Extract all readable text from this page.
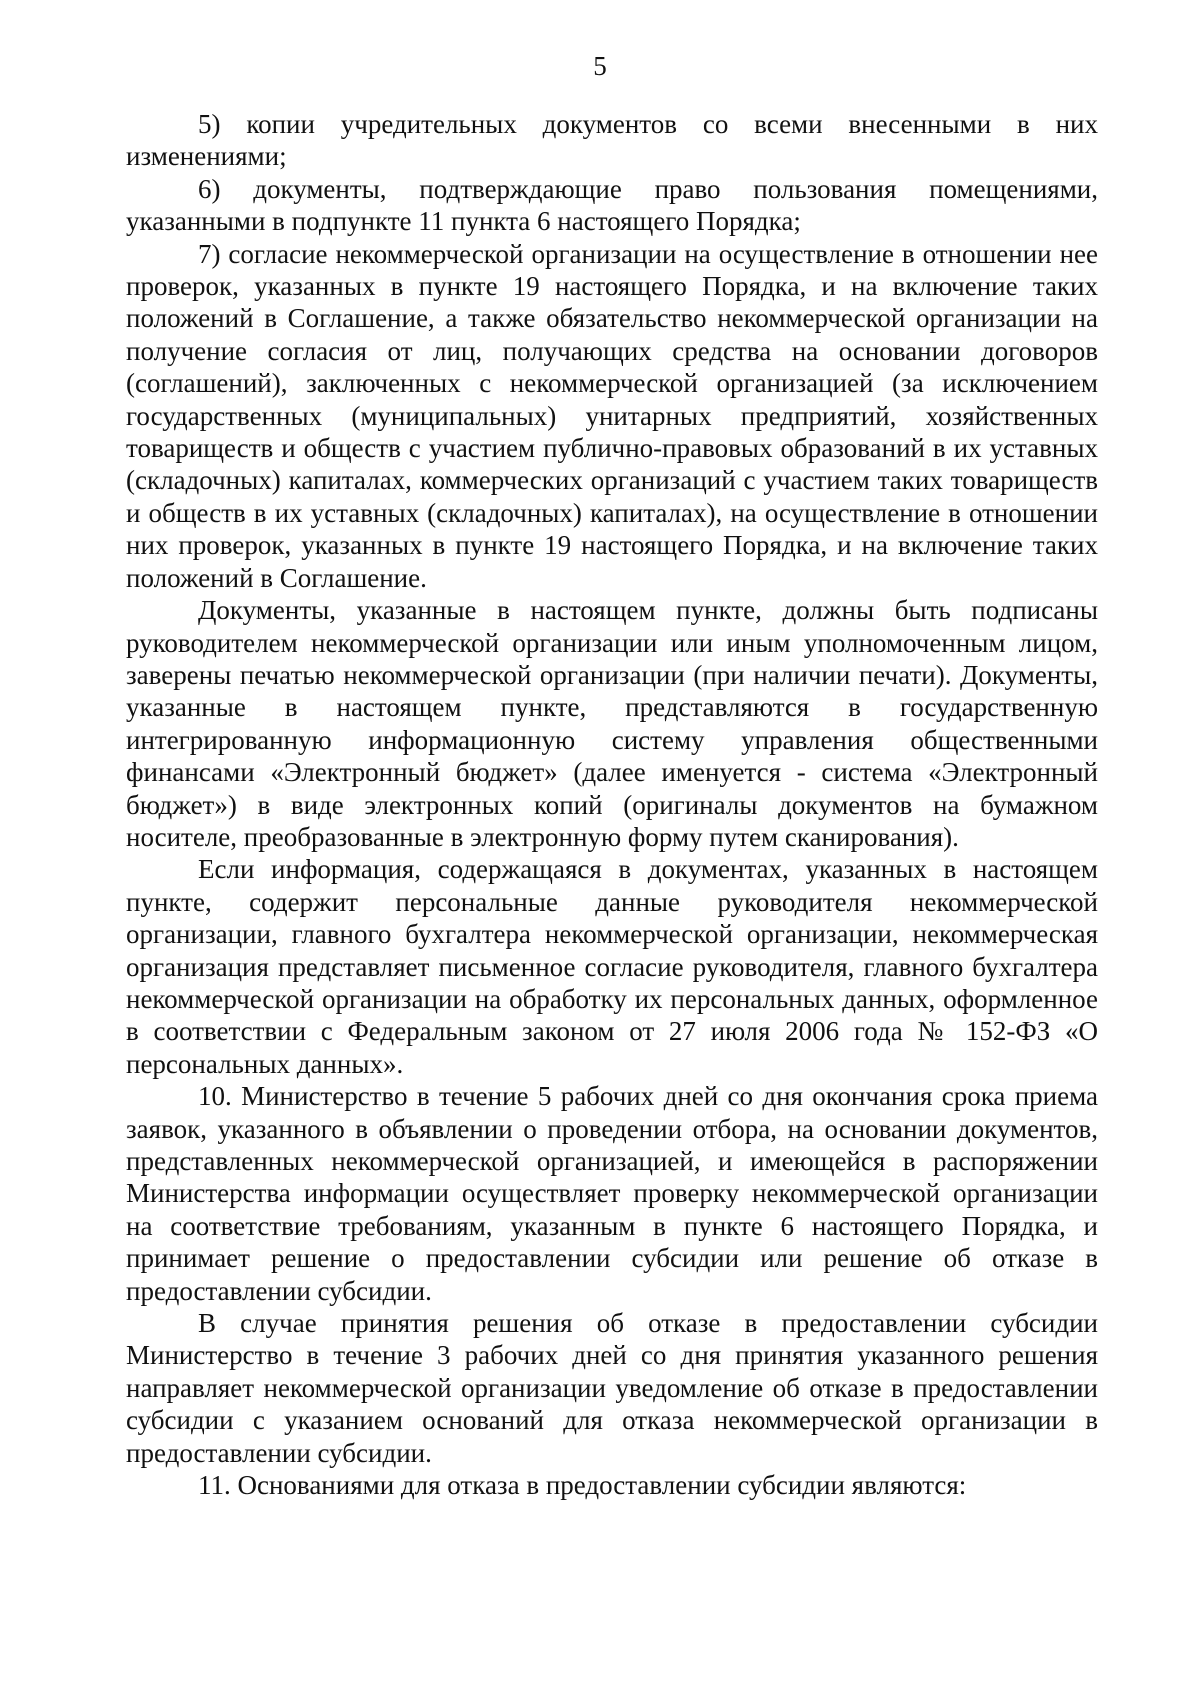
5

5) копии учредительных документов со всеми внесенными в них изменениями;

6) документы, подтверждающие право пользования помещениями, указанными в подпункте 11 пункта 6 настоящего Порядка;

7) согласие некоммерческой организации на осуществление в отношении нее проверок, указанных в пункте 19 настоящего Порядка, и на включение таких положений в Соглашение, а также обязательство некоммерческой организации на получение согласия от лиц, получающих средства на основании договоров (соглашений), заключенных с некоммерческой организацией (за исключением государственных (муниципальных) унитарных предприятий, хозяйственных товариществ и обществ с участием публично-правовых образований в их уставных (складочных) капиталах, коммерческих организаций с участием таких товариществ и обществ в их уставных (складочных) капиталах), на осуществление в отношении них проверок, указанных в пункте 19 настоящего Порядка, и на включение таких положений в Соглашение.

Документы, указанные в настоящем пункте, должны быть подписаны руководителем некоммерческой организации или иным уполномоченным лицом, заверены печатью некоммерческой организации (при наличии печати). Документы, указанные в настоящем пункте, представляются в государственную интегрированную информационную систему управления общественными финансами «Электронный бюджет» (далее именуется - система «Электронный бюджет») в виде электронных копий (оригиналы документов на бумажном носителе, преобразованные в электронную форму путем сканирования).

Если информация, содержащаяся в документах, указанных в настоящем пункте, содержит персональные данные руководителя некоммерческой организации, главного бухгалтера некоммерческой организации, некоммерческая организация представляет письменное согласие руководителя, главного бухгалтера некоммерческой организации на обработку их персональных данных, оформленное в соответствии с Федеральным законом от 27 июля 2006 года № 152-ФЗ «О персональных данных».

10. Министерство в течение 5 рабочих дней со дня окончания срока приема заявок, указанного в объявлении о проведении отбора, на основании документов, представленных некоммерческой организацией, и имеющейся в распоряжении Министерства информации осуществляет проверку некоммерческой организации на соответствие требованиям, указанным в пункте 6 настоящего Порядка, и принимает решение о предоставлении субсидии или решение об отказе в предоставлении субсидии.

В случае принятия решения об отказе в предоставлении субсидии Министерство в течение 3 рабочих дней со дня принятия указанного решения направляет некоммерческой организации уведомление об отказе в предоставлении субсидии с указанием оснований для отказа некоммерческой организации в предоставлении субсидии.

11. Основаниями для отказа в предоставлении субсидии являются:
